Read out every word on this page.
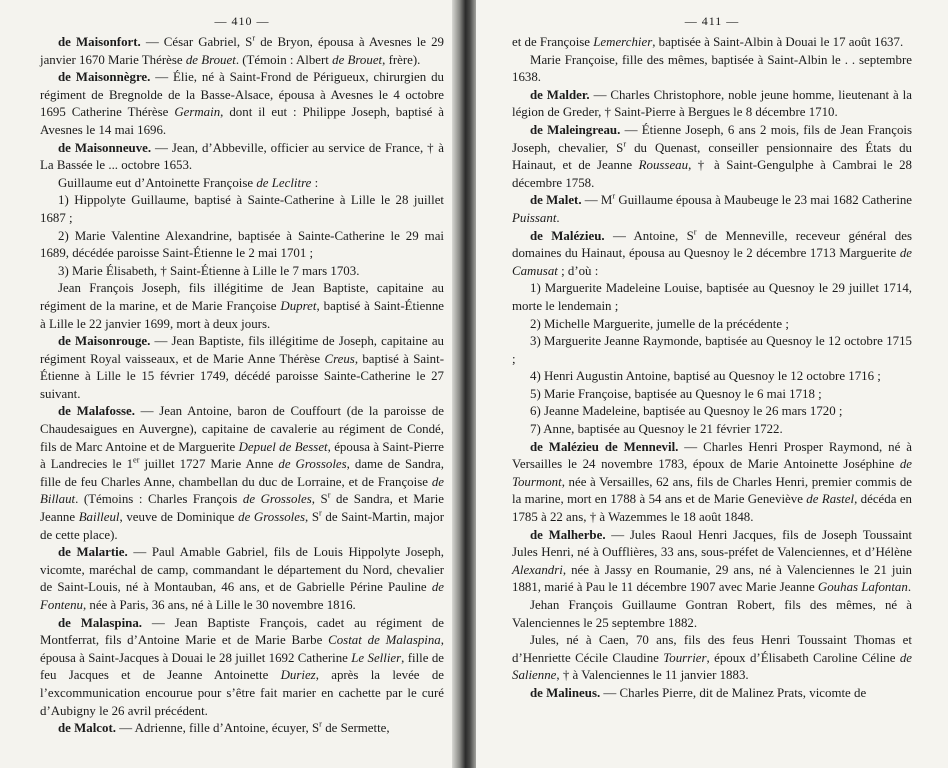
— 410 —

de Maisonfort. — César Gabriel, $S^r$ de Bryon, épousa à Avesnes le 29 janvier 1670 Marie Thérèse de Brouet. (Témoin : Albert de Brouet, frère).

de Maisonnègre. — Élie, né à Saint-Frond de Périgueux, chirurgien du régiment de Bregnolde de la Basse-Alsace, épousa à Avesnes le 4 octobre 1695 Catherine Thérèse Germain, dont il eut : Philippe Joseph, baptisé à Avesnes le 14 mai 1696.

de Maisonneuve. — Jean, d’Abbeville, officier au service de France, † à La Bassée le ... octobre 1653.

Guillaume eut d’Antoinette Françoise de Leclitre :

1) Hippolyte Guillaume, baptisé à Sainte-Catherine à Lille le 28 juillet 1687 ;

2) Marie Valentine Alexandrine, baptisée à Sainte-Catherine le 29 mai 1689, décédée paroisse Saint-Étienne le 2 mai 1701 ;

3) Marie Élisabeth, † Saint-Étienne à Lille le 7 mars 1703.

Jean François Joseph, fils illégitime de Jean Baptiste, capitaine au régiment de la marine, et de Marie Françoise Dupret, baptisé à Saint-Étienne à Lille le 22 janvier 1699, mort à deux jours.

de Maisonrouge. — Jean Baptiste, fils illégitime de Joseph, capitaine au régiment Royal vaisseaux, et de Marie Anne Thérèse Creus, baptisé à Saint-Étienne à Lille le 15 février 1749, décédé paroisse Sainte-Catherine le 27 suivant.

de Malafosse. — Jean Antoine, baron de Couffourt (de la paroisse de Chaudesaigues en Auvergne), capitaine de cavalerie au régiment de Condé, fils de Marc Antoine et de Marguerite Depuel de Besset, épousa à Saint-Pierre à Landrecies le 1er juillet 1727 Marie Anne de Grossoles, dame de Sandra, fille de feu Charles Anne, chambellan du duc de Lorraine, et de Françoise de Billaut. (Témoins : Charles François de Grossoles, $S^r$ de Sandra, et Marie Jeanne Bailleul, veuve de Dominique de Grossoles, $S^r$ de Saint-Martin, major de cette place).

de Malartie. — Paul Amable Gabriel, fils de Louis Hippolyte Joseph, vicomte, maréchal de camp, commandant le département du Nord, chevalier de Saint-Louis, né à Montauban, 46 ans, et de Gabrielle Périne Pauline de Fontenu, née à Paris, 36 ans, né à Lille le 30 novembre 1816.

de Malaspina. — Jean Baptiste François, cadet au régiment de Montferrat, fils d’Antoine Marie et de Marie Barbe Costat de Malaspina, épousa à Saint-Jacques à Douai le 28 juillet 1692 Catherine Le Sellier, fille de feu Jacques et de Jeanne Antoinette Duriez, après la levée de l’excommunication encourue pour s’être fait marier en cachette par le curé d’Aubigny le 26 avril précédent.

de Malcot. — Adrienne, fille d’Antoine, écuyer, $S^r$ de Sermette,

— 411 —

et de Françoise Lemerchier, baptisée à Saint-Albin à Douai le 17 août 1637.

Marie Françoise, fille des mêmes, baptisée à Saint-Albin le . . septembre 1638.

de Malder. — Charles Christophore, noble jeune homme, lieutenant à la légion de Greder, † Saint-Pierre à Bergues le 8 décembre 1710.

de Maleingreau. — Étienne Joseph, 6 ans 2 mois, fils de Jean François Joseph, chevalier, $S^r$ du Quenast, conseiller pensionnaire des États du Hainaut, et de Jeanne Rousseau, † à Saint-Gengulphe à Cambrai le 28 décembre 1758.

de Malet. — $M^r$ Guillaume épousa à Maubeuge le 23 mai 1682 Catherine Puissant.

de Malézieu. — Antoine, $S^r$ de Menneville, receveur général des domaines du Hainaut, épousa au Quesnoy le 2 décembre 1713 Marguerite de Camusat ; d’où :

1) Marguerite Madeleine Louise, baptisée au Quesnoy le 29 juillet 1714, morte le lendemain ;

2) Michelle Marguerite, jumelle de la précédente ;

3) Marguerite Jeanne Raymonde, baptisée au Quesnoy le 12 octobre 1715 ;

4) Henri Augustin Antoine, baptisé au Quesnoy le 12 octobre 1716 ;

5) Marie Françoise, baptisée au Quesnoy le 6 mai 1718 ;

6) Jeanne Madeleine, baptisée au Quesnoy le 26 mars 1720 ;

7) Anne, baptisée au Quesnoy le 21 février 1722.

de Malézieu de Mennevil. — Charles Henri Prosper Raymond, né à Versailles le 24 novembre 1783, époux de Marie Antoinette Joséphine de Tourmont, née à Versailles, 62 ans, fils de Charles Henri, premier commis de la marine, mort en 1788 à 54 ans et de Marie Geneviève de Rastel, décéda en 1785 à 22 ans, † à Wazemmes le 18 août 1848.

de Malherbe. — Jules Raoul Henri Jacques, fils de Joseph Toussaint Jules Henri, né à Oufflières, 33 ans, sous-préfet de Valenciennes, et d’Hélène Alexandri, née à Jassy en Roumanie, 29 ans, né à Valenciennes le 21 juin 1881, marié à Pau le 11 décembre 1907 avec Marie Jeanne Gouhas Lafontan.

Jehan François Guillaume Gontran Robert, fils des mêmes, né à Valenciennes le 25 septembre 1882.

Jules, né à Caen, 70 ans, fils des feus Henri Toussaint Thomas et d’Henriette Cécile Claudine Tourrier, époux d’Élisabeth Caroline Céline de Salienne, † à Valenciennes le 11 janvier 1883.

de Malineus. — Charles Pierre, dit de Malinez Prats, vicomte de
